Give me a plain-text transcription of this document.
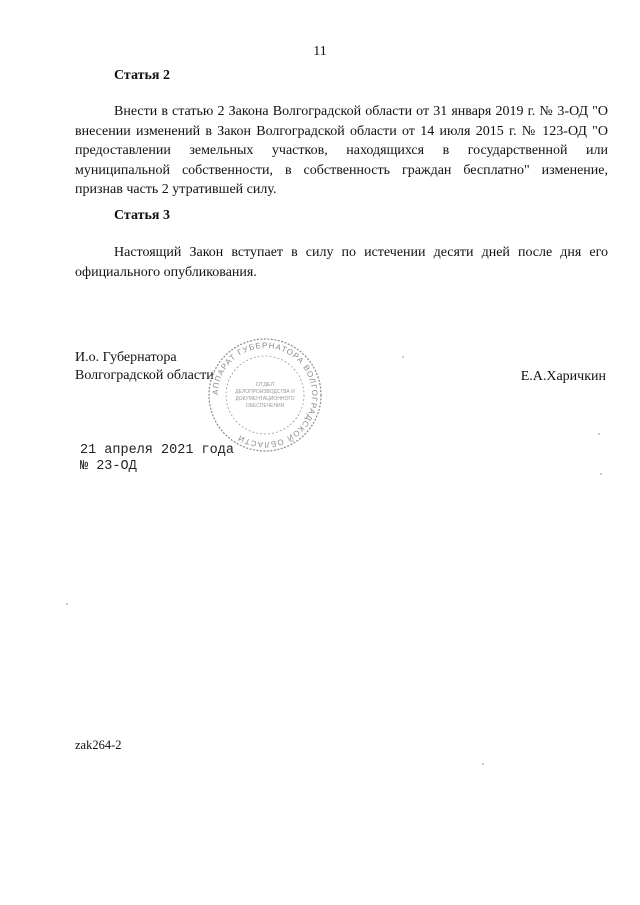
11
Статья 2

Внести в статью 2 Закона Волгоградской области от 31 января 2019 г. № 3-ОД "О внесении изменений в Закон Волгоградской области от 14 июля 2015 г. № 123-ОД "О предоставлении земельных участков, находящихся в государственной или муниципальной собственности, в собственность граждан бесплатно" изменение, признав часть 2 утратившей силу.

Статья 3

Настоящий Закон вступает в силу по истечении десяти дней после дня его официального опубликования.

И.о. Губернатора
Волгоградской области	Е.А.Харичкин
АППАРАТ ГУБЕРНАТОРА ВОЛГОГРАДСКОЙ ОБЛАСТИ
ОТДЕЛ
ДЕЛОПРОИЗВОДСТВА И
ДОКУМЕНТАЦИОННОГО
ОБЕСПЕЧЕНИЯ
21 апреля 2021 года
№ 23-ОД
zak264-2
